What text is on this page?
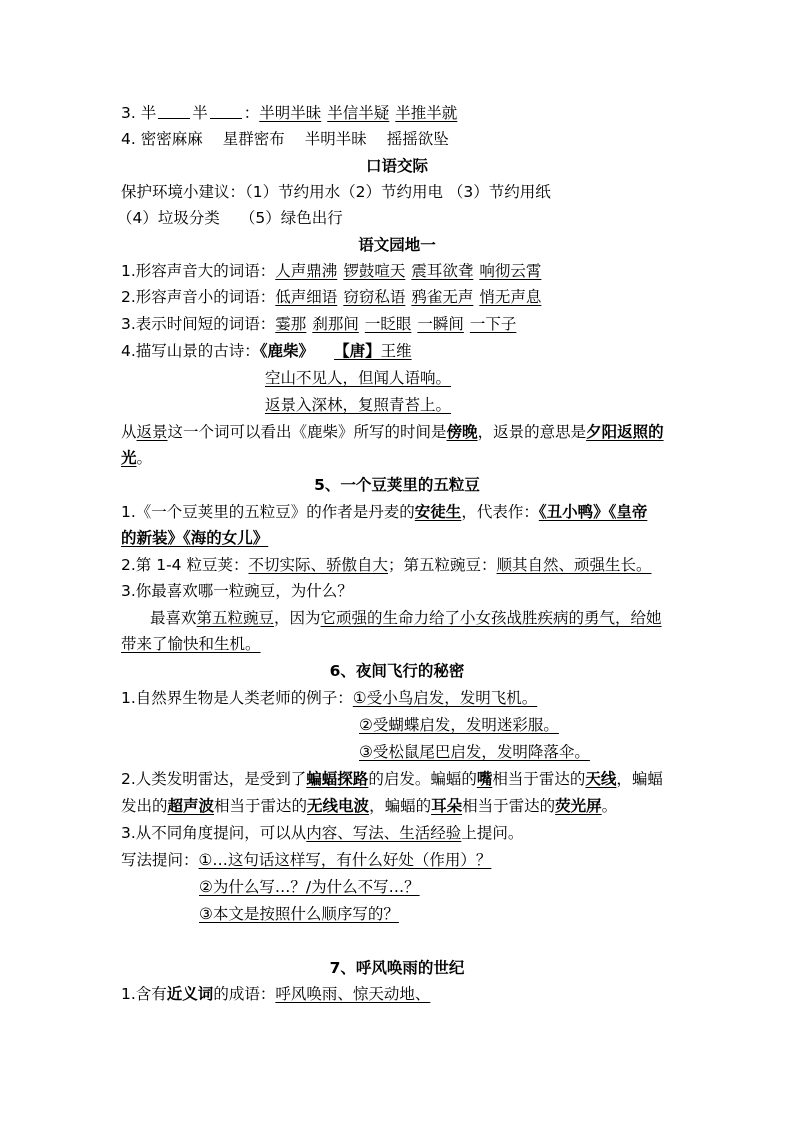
3. 半 半 ：半明半昧 半信半疑 半推半就
4. 密密麻麻 星群密布 半明半昧 摇摇欲坠
口语交际
保护环境小建议：（1）节约用水（2）节约用电 （3）节约用纸
（4）垃圾分类 （5）绿色出行
语文园地一
1.形容声音大的词语：人声鼎沸 锣鼓喧天 震耳欲聋 响彻云霄
2.形容声音小的词语：低声细语 窃窃私语 鸦雀无声 悄无声息
3.表示时间短的词语：霎那 刹那间 一眨眼 一瞬间 一下子
4.描写山景的古诗：《鹿柴》 【唐】王维
空山不见人，但闻人语响。
返景入深林，复照青苔上。
从返景这一个词可以看出《鹿柴》所写的时间是傍晚，返景的意思是夕阳返照的
光。
5、一个豆荚里的五粒豆
1.《一个豆荚里的五粒豆》的作者是丹麦的安徒生，代表作：《丑小鸭》《皇帝
的新装》《海的女儿》
2.第 1-4 粒豆荚：不切实际、骄傲自大；第五粒豌豆：顺其自然、顽强生长。
3.你最喜欢哪一粒豌豆，为什么？
最喜欢第五粒豌豆，因为它顽强的生命力给了小女孩战胜疾病的勇气，给她
带来了愉快和生机。
6、夜间飞行的秘密
1.自然界生物是人类老师的例子：①受小鸟启发，发明飞机。
②受蝴蝶启发，发明迷彩服。
③受松鼠尾巴启发，发明降落伞。
2.人类发明雷达，是受到了蝙蝠探路的启发。蝙蝠的嘴相当于雷达的天线，蝙蝠
发出的超声波相当于雷达的无线电波，蝙蝠的耳朵相当于雷达的荧光屏。
3.从不同角度提问，可以从内容、写法、生活经验上提问。
写法提问：①…这句话这样写，有什么好处（作用）？
②为什么写…？/为什么不写…？
③本文是按照什么顺序写的？
7、呼风唤雨的世纪
1.含有近义词的成语：呼风唤雨、惊天动地、
